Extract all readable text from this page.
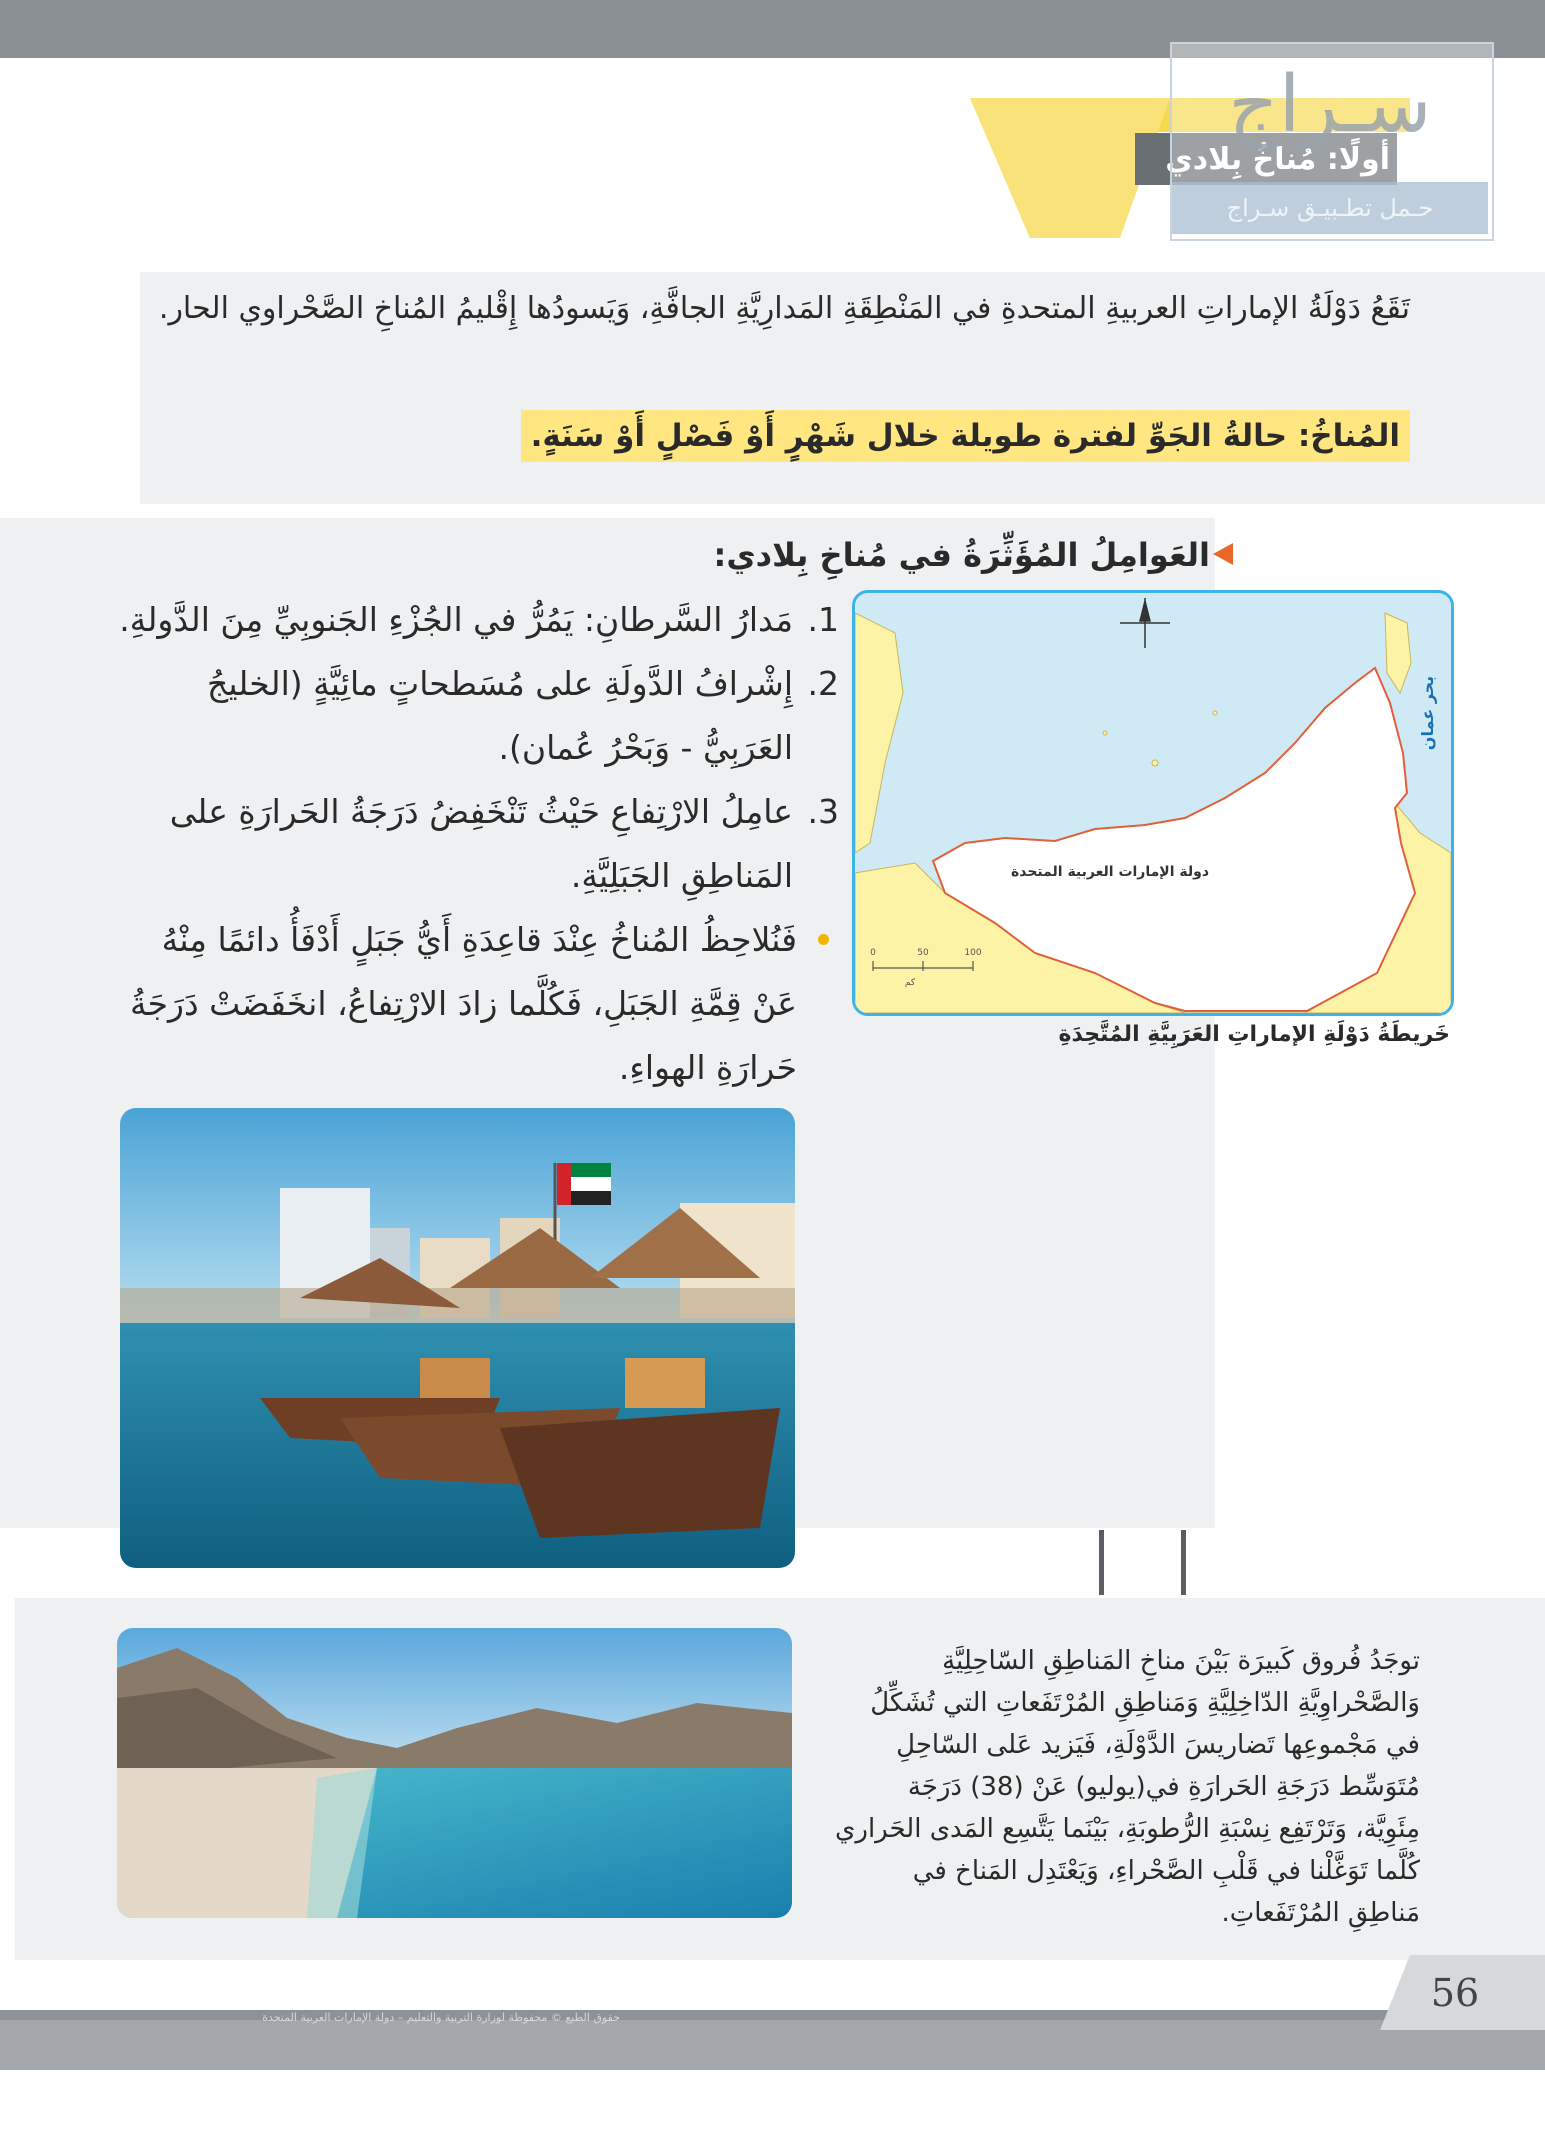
أولًا: مُناخُ بِلادي
سـراج
حـمل تطـبيـق سـراج
تَقَعُ دَوْلَةُ الإماراتِ العربيةِ المتحدةِ في المَنْطِقَةِ المَدارِيَّةِ الجافَّةِ، وَيَسودُها إِقْليمُ المُناخِ الصَّحْراوي الحار.
المُناخُ: حالةُ الجَوِّ لفترة طويلة خلال شَهْرٍ أَوْ فَصْلٍ أَوْ سَنَةٍ.
العَوامِلُ المُؤَثِّرَةُ في مُناخِ بِلادي:
1. مَدارُ السَّرطانِ: يَمُرُّ في الجُزْءِ الجَنوبِيِّ مِنَ الدَّولةِ.
2. إِشْرافُ الدَّولَةِ على مُسَطحاتٍ مائِيَّةٍ (الخليجُ العَرَبِيُّ - وَبَحْرُ عُمان).
3. عامِلُ الارْتِفاعِ حَيْثُ تَنْخَفِضُ دَرَجَةُ الحَرارَةِ على المَناطِقِ الجَبَلِيَّةِ.
فَنُلاحِظُ المُناخُ عِنْدَ قاعِدَةِ أَيُّ جَبَلٍ أَدْفَأُ دائمًا مِنْهُ عَنْ قِمَّةِ الجَبَلِ، فَكُلَّما زادَ الارْتِفاعُ، انخَفَضَتْ دَرَجَةُ حَرارَةِ الهواءِ.
0	50	100
كم
دولة الإمارات العربية المتحدة
بحر عمان
خَريطَةُ دَوْلَةِ الإماراتِ العَرَبِيَّةِ المُتَّحِدَةِ
توجَدُ فُروق كَبيرَة بَيْنَ مناخِ المَناطِقِ السّاحِلِيَّةِ وَالصَّحْراوِيَّةِ الدّاخِلِيَّةِ وَمَناطِقِ المُرْتَفَعاتِ التي تُشَكِّلُ في مَجْموعِها تَضاريسَ الدَّوْلَةِ، فَيَزيد عَلى السّاحِلِ مُتَوَسِّط دَرَجَةِ الحَرارَةِ في(يوليو) عَنْ (38) دَرَجَة مِئَوِيَّة، وَتَرْتَفِع نِسْبَةِ الرُّطوبَةِ، بَيْنَما يَتَّسِع المَدى الحَراري كُلَّما تَوَغَّلْنا في قَلْبِ الصَّحْراءِ، وَيَعْتَدِل المَناخ في مَناطِقِ المُرْتَفَعاتِ.
56
حقوق الطبع © محفوظة لوزارة التربية والتعليم – دولة الإمارات العربية المتحدة
